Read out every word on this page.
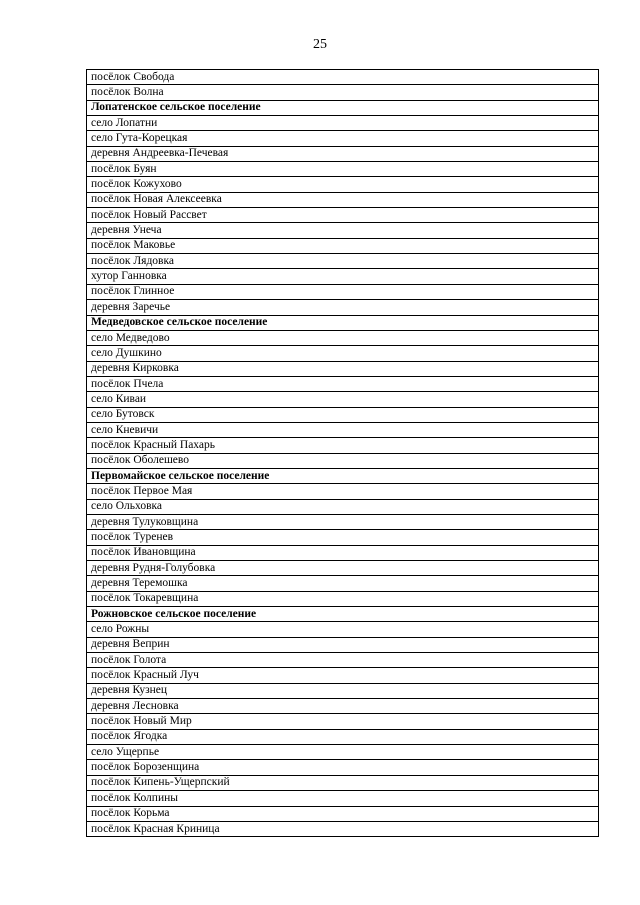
25
посёлок Свобода
посёлок Волна
Лопатенское сельское поселение
село Лопатни
село Гута-Корецкая
деревня Андреевка-Печевая
посёлок Буян
посёлок Кожухово
посёлок Новая Алексеевка
посёлок Новый Рассвет
деревня Унеча
посёлок Маковье
посёлок Лядовка
хутор Ганновка
посёлок Глинное
деревня Заречье
Медведовское сельское поселение
село Медведово
село Душкино
деревня Кирковка
посёлок Пчела
село Киваи
село Бутовск
село Кневичи
посёлок Красный Пахарь
посёлок Оболешево
Первомайское сельское поселение
посёлок Первое Мая
село Ольховка
деревня Тулуковщина
посёлок Туренев
посёлок Ивановщина
деревня Рудня-Голубовка
деревня Теремошка
посёлок Токаревщина
Рожновское сельское поселение
село Рожны
деревня Веприн
посёлок Голота
посёлок Красный Луч
деревня Кузнец
деревня Лесновка
посёлок Новый Мир
посёлок Ягодка
село Ущерпье
посёлок Борозенщина
посёлок Кипень-Ущерпский
посёлок Колпины
посёлок Корьма
посёлок Красная Криница
